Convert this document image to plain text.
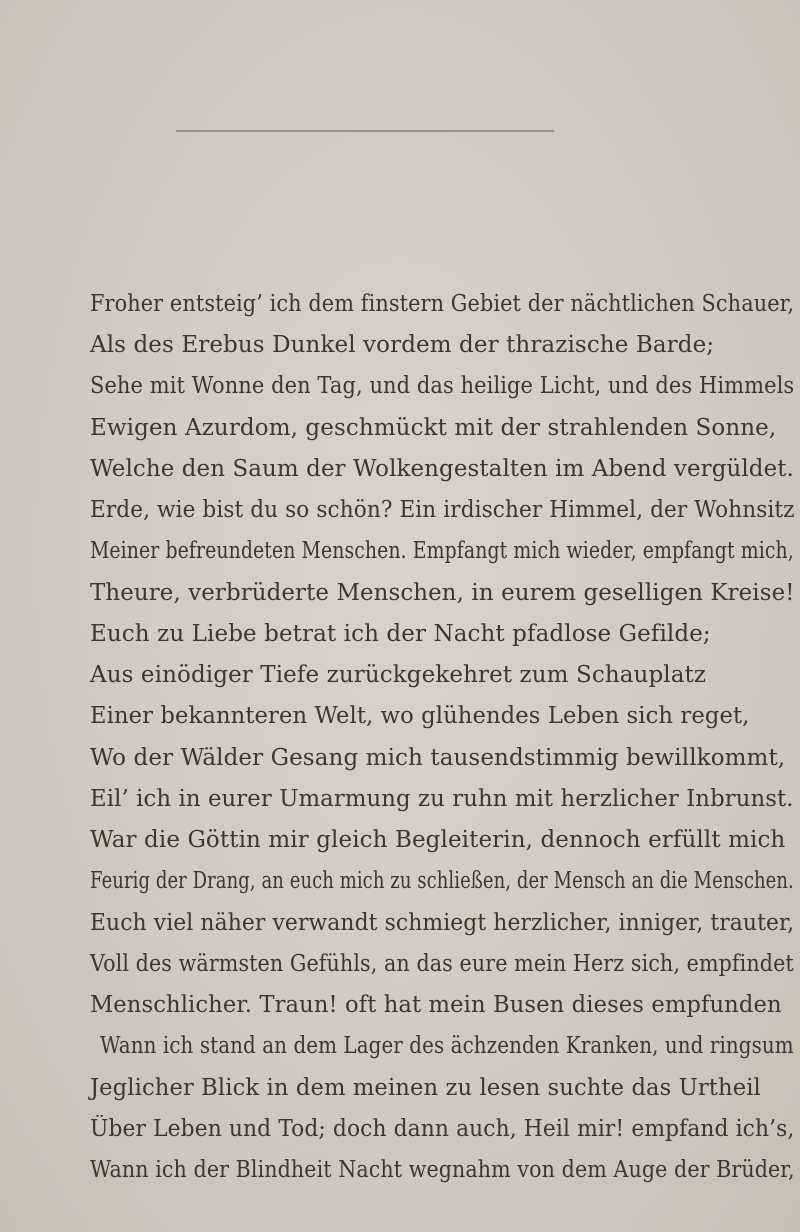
Froher entsteig’ ich dem finstern Gebiet der nächtlichen Schauer,
Als des Erebus Dunkel vordem der thrazische Barde;
Sehe mit Wonne den Tag, und das heilige Licht, und des Himmels
Ewigen Azurdom, geschmückt mit der strahlenden Sonne,
Welche den Saum der Wolkengestalten im Abend vergüldet.
Erde, wie bist du so schön? Ein irdischer Himmel, der Wohnsitz
Meiner befreundeten Menschen. Empfangt mich wieder, empfangt mich,
Theure, verbrüderte Menschen, in eurem geselligen Kreise!
Euch zu Liebe betrat ich der Nacht pfadlose Gefilde;
Aus einödiger Tiefe zurückgekehret zum Schauplatz
Einer bekannteren Welt, wo glühendes Leben sich reget,
Wo der Wälder Gesang mich tausendstimmig bewillkommt,
Eil’ ich in eurer Umarmung zu ruhn mit herzlicher Inbrunst.
War die Göttin mir gleich Begleiterin, dennoch erfüllt mich
Feurig der Drang, an euch mich zu schließen, der Mensch an die Menschen.
Euch viel näher verwandt schmiegt herzlicher, inniger, trauter,
Voll des wärmsten Gefühls, an das eure mein Herz sich, empfindet
Menschlicher. Traun! oft hat mein Busen dieses empfunden
Wann ich stand an dem Lager des ächzenden Kranken, und ringsum
Jeglicher Blick in dem meinen zu lesen suchte das Urtheil
Über Leben und Tod; doch dann auch, Heil mir! empfand ich’s,
Wann ich der Blindheit Nacht wegnahm von dem Auge der Brüder,
